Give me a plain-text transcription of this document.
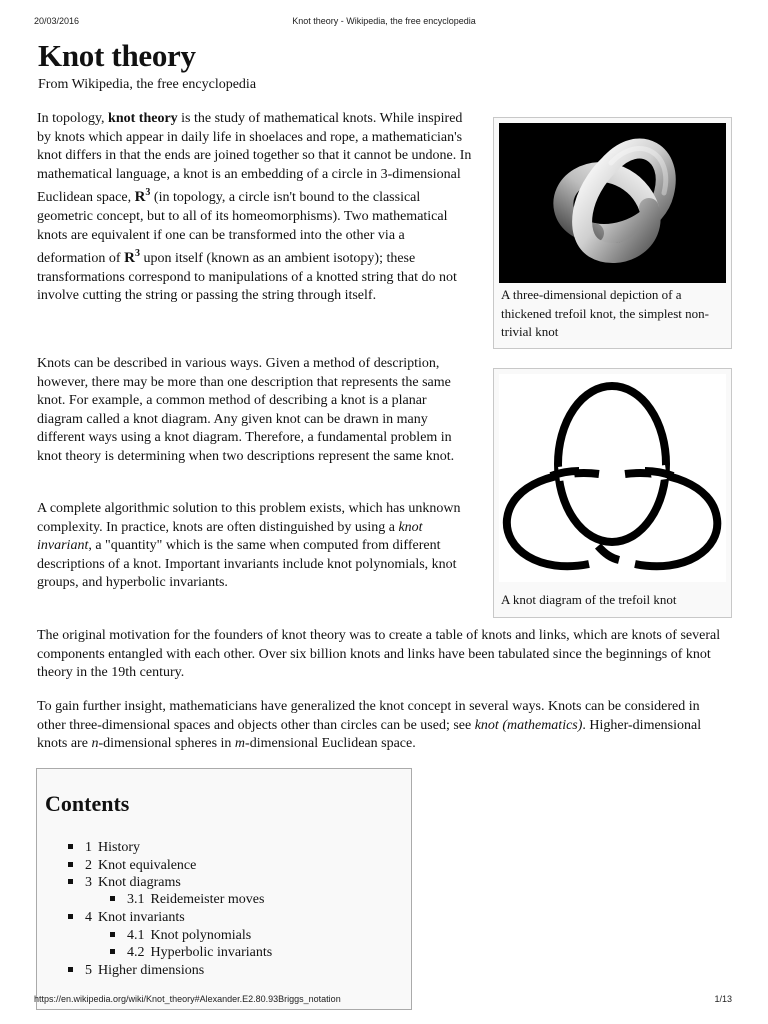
20/03/2016	Knot theory - Wikipedia, the free encyclopedia
Knot theory
From Wikipedia, the free encyclopedia

In topology, knot theory is the study of mathematical knots. While inspired by knots which appear in daily life in shoelaces and rope, a mathematician's knot differs in that the ends are joined together so that it cannot be undone. In mathematical language, a knot is an embedding of a circle in 3-dimensional Euclidean space, $R^3$ (in topology, a circle isn't bound to the classical geometric concept, but to all of its homeomorphisms). Two mathematical knots are equivalent if one can be transformed into the other via a deformation of $R^3$ upon itself (known as an ambient isotopy); these transformations correspond to manipulations of a knotted string that do not involve cutting the string or passing the string through itself.

Knots can be described in various ways. Given a method of description, however, there may be more than one description that represents the same knot. For example, a common method of describing a knot is a planar diagram called a knot diagram. Any given knot can be drawn in many different ways using a knot diagram. Therefore, a fundamental problem in knot theory is determining when two descriptions represent the same knot.

A complete algorithmic solution to this problem exists, which has unknown complexity. In practice, knots are often distinguished by using a knot invariant, a "quantity" which is the same when computed from different descriptions of a knot. Important invariants include knot polynomials, knot groups, and hyperbolic invariants.

The original motivation for the founders of knot theory was to create a table of knots and links, which are knots of several components entangled with each other. Over six billion knots and links have been tabulated since the beginnings of knot theory in the 19th century.

To gain further insight, mathematicians have generalized the knot concept in several ways. Knots can be considered in other three-dimensional spaces and objects other than circles can be used; see knot (mathematics). Higher-dimensional knots are n-dimensional spheres in m-dimensional Euclidean space.

A three-dimensional depiction of a thickened trefoil knot, the simplest non-trivial knot
A knot diagram of the trefoil knot
Contents
1 History
2 Knot equivalence
3 Knot diagrams
3.1 Reidemeister moves
4 Knot invariants
4.1 Knot polynomials
4.2 Hyperbolic invariants
5 Higher dimensions
https://en.wikipedia.org/wiki/Knot_theory#Alexander.E2.80.93Briggs_notation	1/13
